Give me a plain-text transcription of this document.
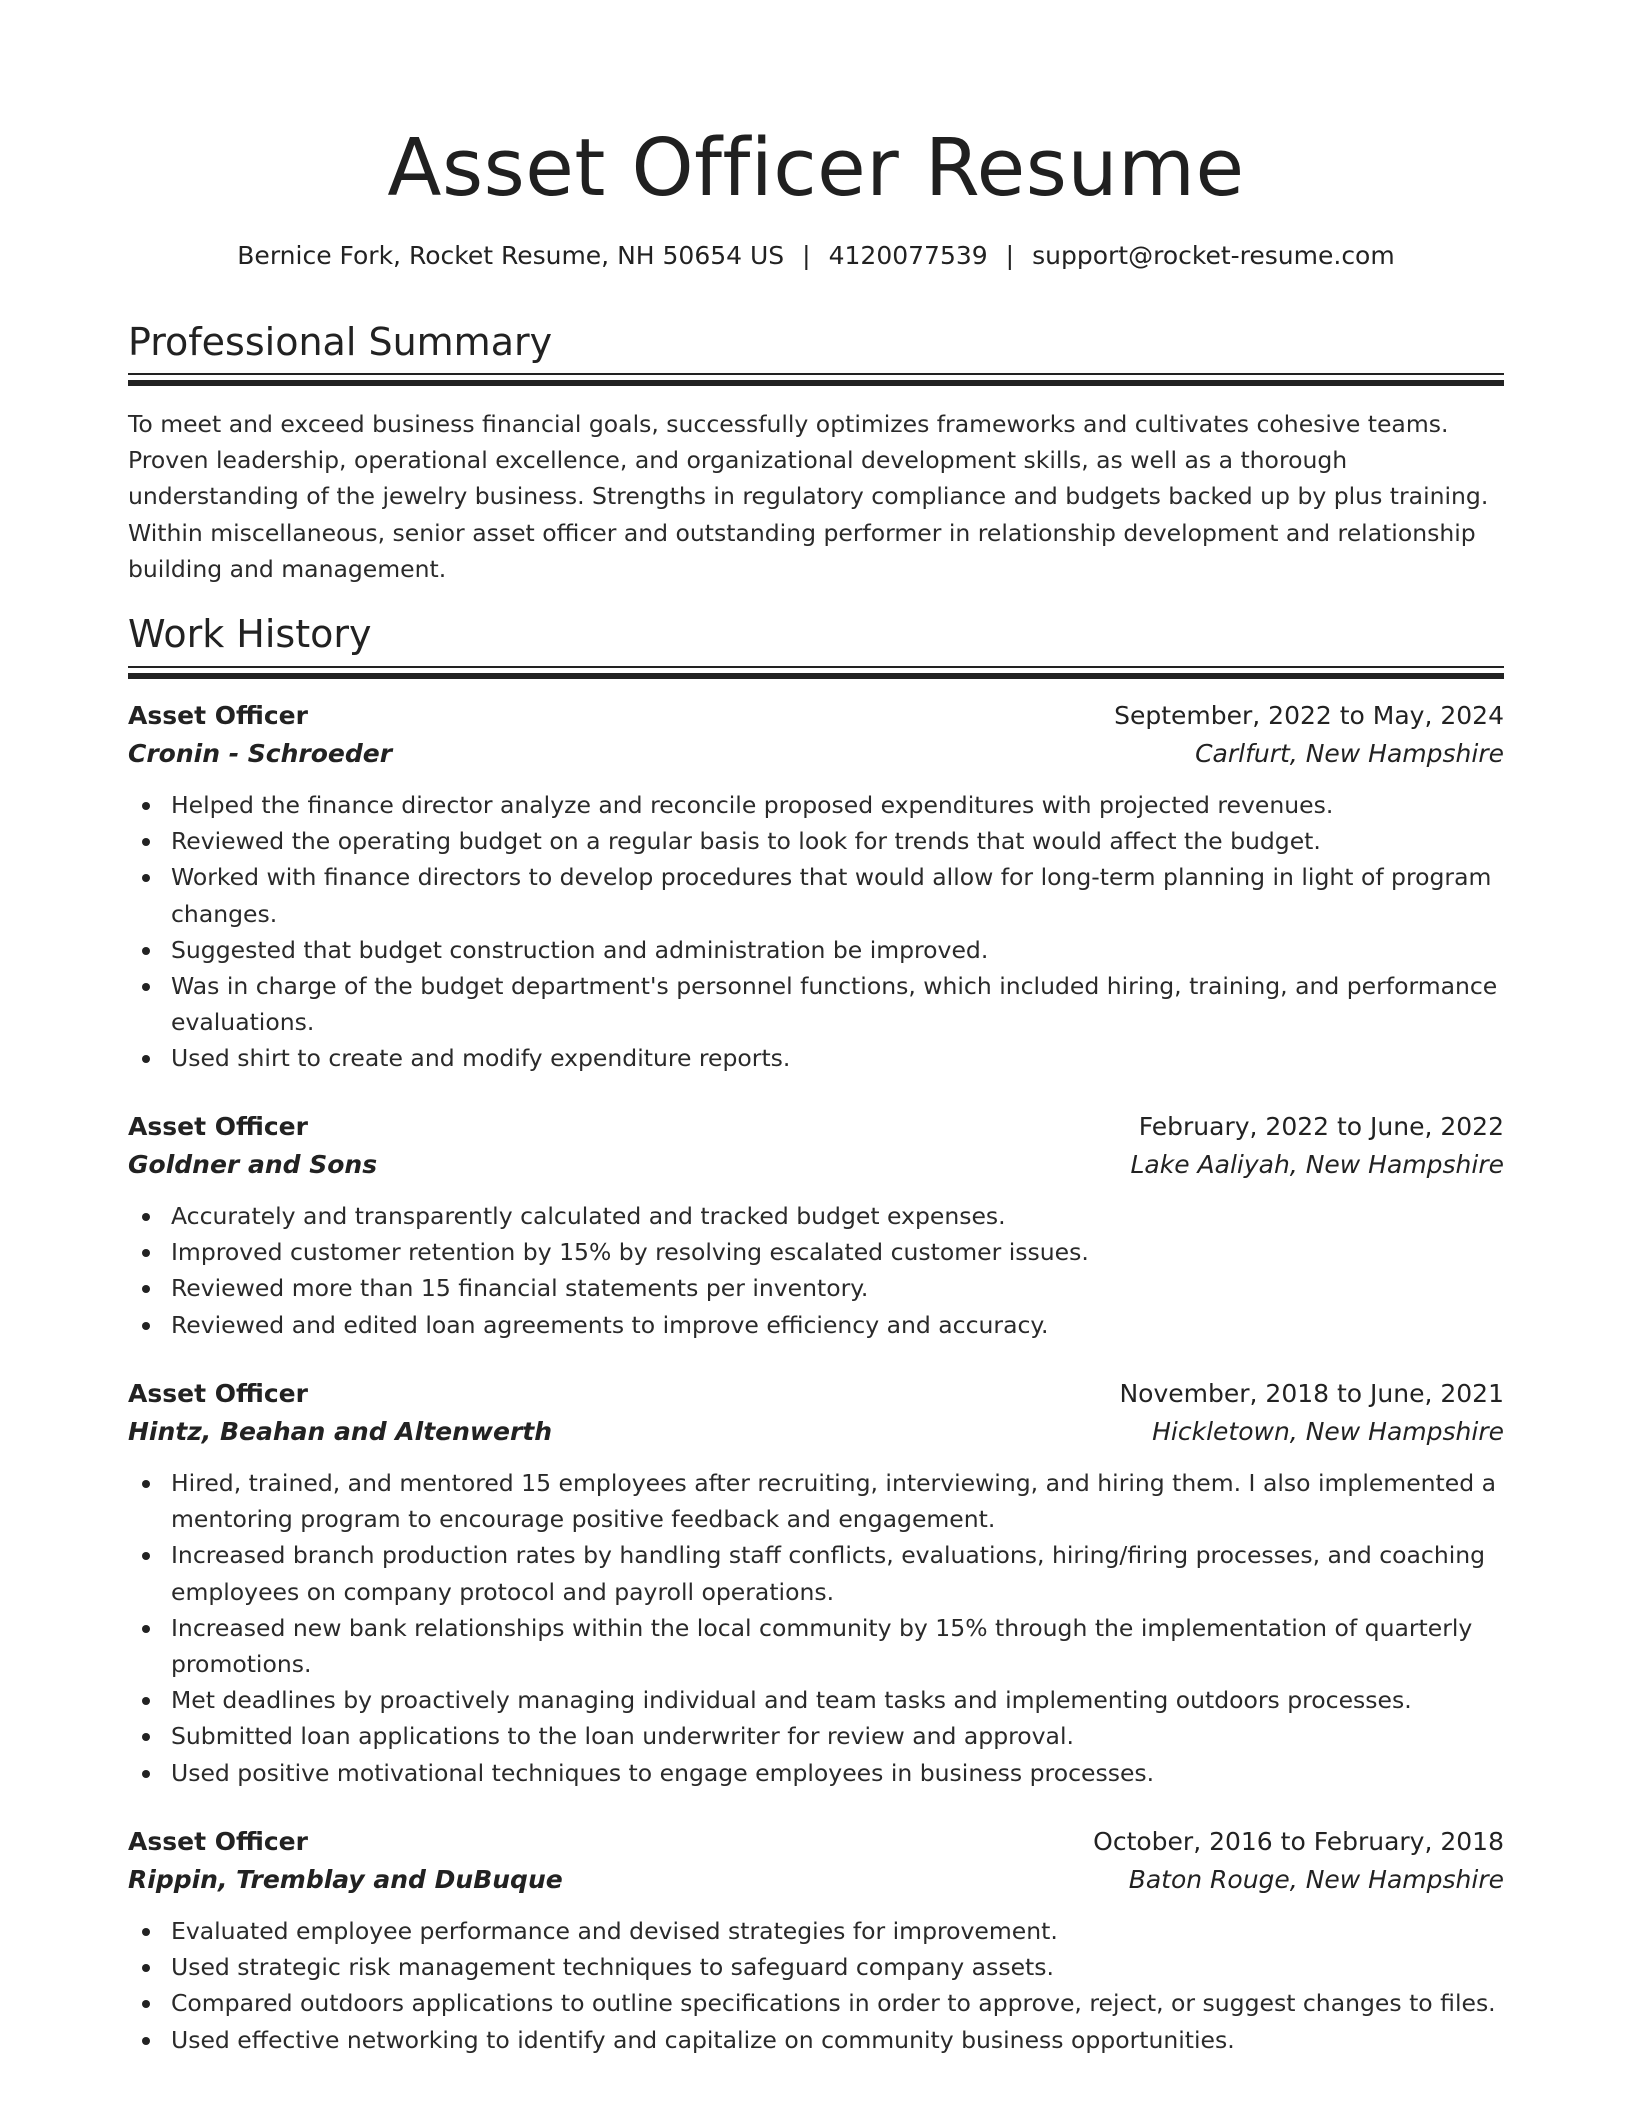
Asset Officer Resume
Bernice Fork, Rocket Resume, NH 50654 US | 4120077539 | support@rocket-resume.com
Professional Summary

To meet and exceed business financial goals, successfully optimizes frameworks and cultivates cohesive teams. Proven leadership, operational excellence, and organizational development skills, as well as a thorough understanding of the jewelry business. Strengths in regulatory compliance and budgets backed up by plus training. Within miscellaneous, senior asset officer and outstanding performer in relationship development and relationship building and management.

Work History
Asset Officer	September, 2022 to May, 2024
Cronin - Schroeder	Carlfurt, New Hampshire
Helped the finance director analyze and reconcile proposed expenditures with projected revenues.
Reviewed the operating budget on a regular basis to look for trends that would affect the budget.
Worked with finance directors to develop procedures that would allow for long-term planning in light of program changes.
Suggested that budget construction and administration be improved.
Was in charge of the budget department's personnel functions, which included hiring, training, and performance evaluations.
Used shirt to create and modify expenditure reports.
Asset Officer	February, 2022 to June, 2022
Goldner and Sons	Lake Aaliyah, New Hampshire
Accurately and transparently calculated and tracked budget expenses.
Improved customer retention by 15% by resolving escalated customer issues.
Reviewed more than 15 financial statements per inventory.
Reviewed and edited loan agreements to improve efficiency and accuracy.
Asset Officer	November, 2018 to June, 2021
Hintz, Beahan and Altenwerth	Hickletown, New Hampshire
Hired, trained, and mentored 15 employees after recruiting, interviewing, and hiring them. I also implemented a mentoring program to encourage positive feedback and engagement.
Increased branch production rates by handling staff conflicts, evaluations, hiring/firing processes, and coaching employees on company protocol and payroll operations.
Increased new bank relationships within the local community by 15% through the implementation of quarterly promotions.
Met deadlines by proactively managing individual and team tasks and implementing outdoors processes.
Submitted loan applications to the loan underwriter for review and approval.
Used positive motivational techniques to engage employees in business processes.
Asset Officer	October, 2016 to February, 2018
Rippin, Tremblay and DuBuque	Baton Rouge, New Hampshire
Evaluated employee performance and devised strategies for improvement.
Used strategic risk management techniques to safeguard company assets.
Compared outdoors applications to outline specifications in order to approve, reject, or suggest changes to files.
Used effective networking to identify and capitalize on community business opportunities.
